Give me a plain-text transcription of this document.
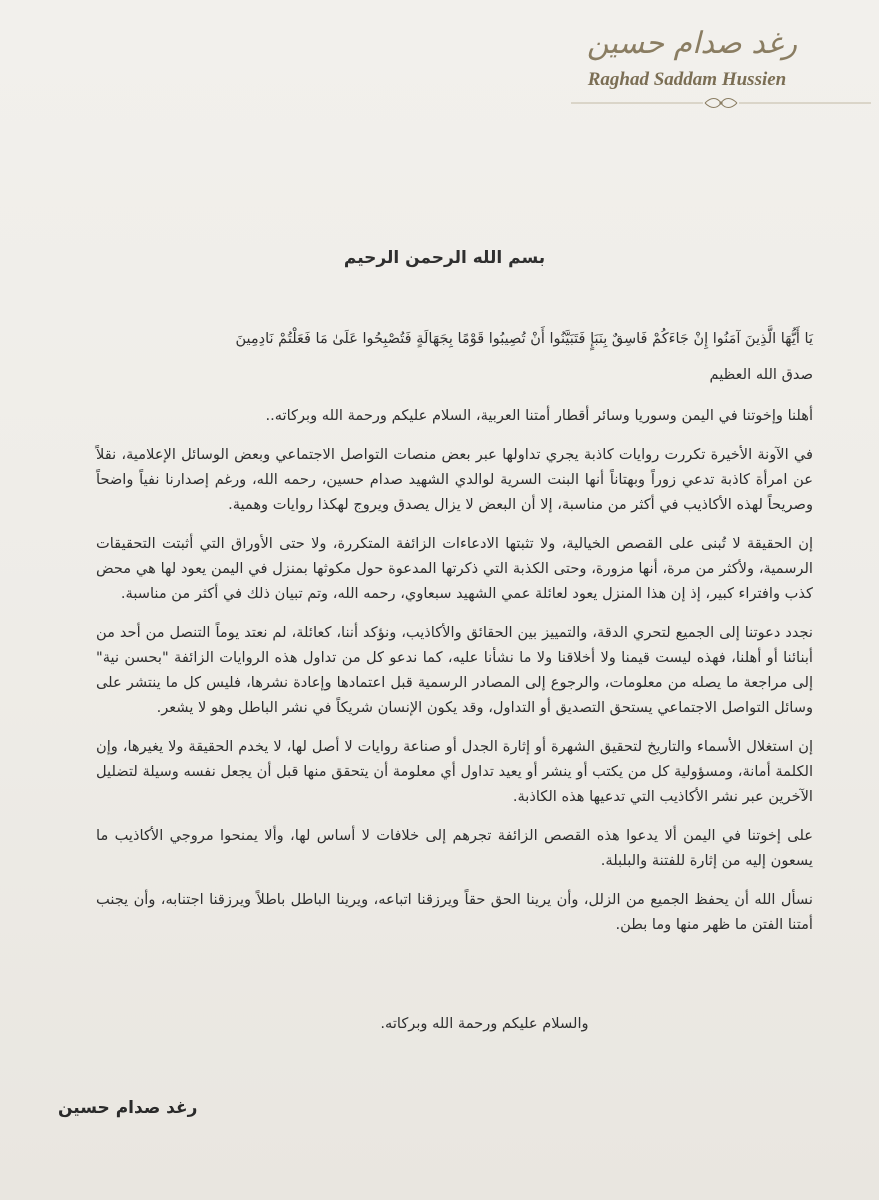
رغد صدام حسين
Raghad Saddam Hussien
بسم الله الرحمن الرحيم

يَا أَيُّهَا الَّذِينَ آمَنُوا إِنْ جَاءَكُمْ فَاسِقٌ بِنَبَإٍ فَتَبَيَّنُوا أَنْ تُصِيبُوا قَوْمًا بِجَهَالَةٍ فَتُصْبِحُوا عَلَىٰ مَا فَعَلْتُمْ نَادِمِينَ

صدق الله العظيم

أهلنا وإخوتنا في اليمن وسوريا وسائر أقطار أمتنا العربية، السلام عليكم ورحمة الله وبركاته..

في الآونة الأخيرة تكررت روايات كاذبة يجري تداولها عبر بعض منصات التواصل الاجتماعي وبعض الوسائل الإعلامية، نقلاً عن امرأة كاذبة تدعي زوراً وبهتاناً أنها البنت السرية لوالدي الشهيد صدام حسين، رحمه الله، ورغم إصدارنا نفياً واضحاً وصريحاً لهذه الأكاذيب في أكثر من مناسبة، إلا أن البعض لا يزال يصدق ويروج لهكذا روايات وهمية.

إن الحقيقة لا تُبنى على القصص الخيالية، ولا تثبتها الادعاءات الزائفة المتكررة، ولا حتى الأوراق التي أثبتت التحقيقات الرسمية، ولأكثر من مرة، أنها مزورة، وحتى الكذبة التي ذكرتها المدعوة حول مكوثها بمنزل في اليمن يعود لها هي محض كذب وافتراء كبير، إذ إن هذا المنزل يعود لعائلة عمي الشهيد سبعاوي، رحمه الله، وتم تبيان ذلك في أكثر من مناسبة.

نجدد دعوتنا إلى الجميع لتحري الدقة، والتمييز بين الحقائق والأكاذيب، ونؤكد أننا، كعائلة، لم نعتد يوماً التنصل من أحد من أبنائنا أو أهلنا، فهذه ليست قيمنا ولا أخلاقنا ولا ما نشأنا عليه، كما ندعو كل من تداول هذه الروايات الزائفة "بحسن نية" إلى مراجعة ما يصله من معلومات، والرجوع إلى المصادر الرسمية قبل اعتمادها وإعادة نشرها، فليس كل ما ينتشر على وسائل التواصل الاجتماعي يستحق التصديق أو التداول، وقد يكون الإنسان شريكاً في نشر الباطل وهو لا يشعر.

إن استغلال الأسماء والتاريخ لتحقيق الشهرة أو إثارة الجدل أو صناعة روايات لا أصل لها، لا يخدم الحقيقة ولا يغيرها، وإن الكلمة أمانة، ومسؤولية كل من يكتب أو ينشر أو يعيد تداول أي معلومة أن يتحقق منها قبل أن يجعل نفسه وسيلة لتضليل الآخرين عبر نشر الأكاذيب التي تدعيها هذه الكاذبة.

على إخوتنا في اليمن ألا يدعوا هذه القصص الزائفة تجرهم إلى خلافات لا أساس لها، وألا يمنحوا مروجي الأكاذيب ما يسعون إليه من إثارة للفتنة والبلبلة.

نسأل الله أن يحفظ الجميع من الزلل، وأن يرينا الحق حقاً ويرزقنا اتباعه، ويرينا الباطل باطلاً ويرزقنا اجتنابه، وأن يجنب أمتنا الفتن ما ظهر منها وما بطن.

والسلام عليكم ورحمة الله وبركاته.

رغد صدام حسين
